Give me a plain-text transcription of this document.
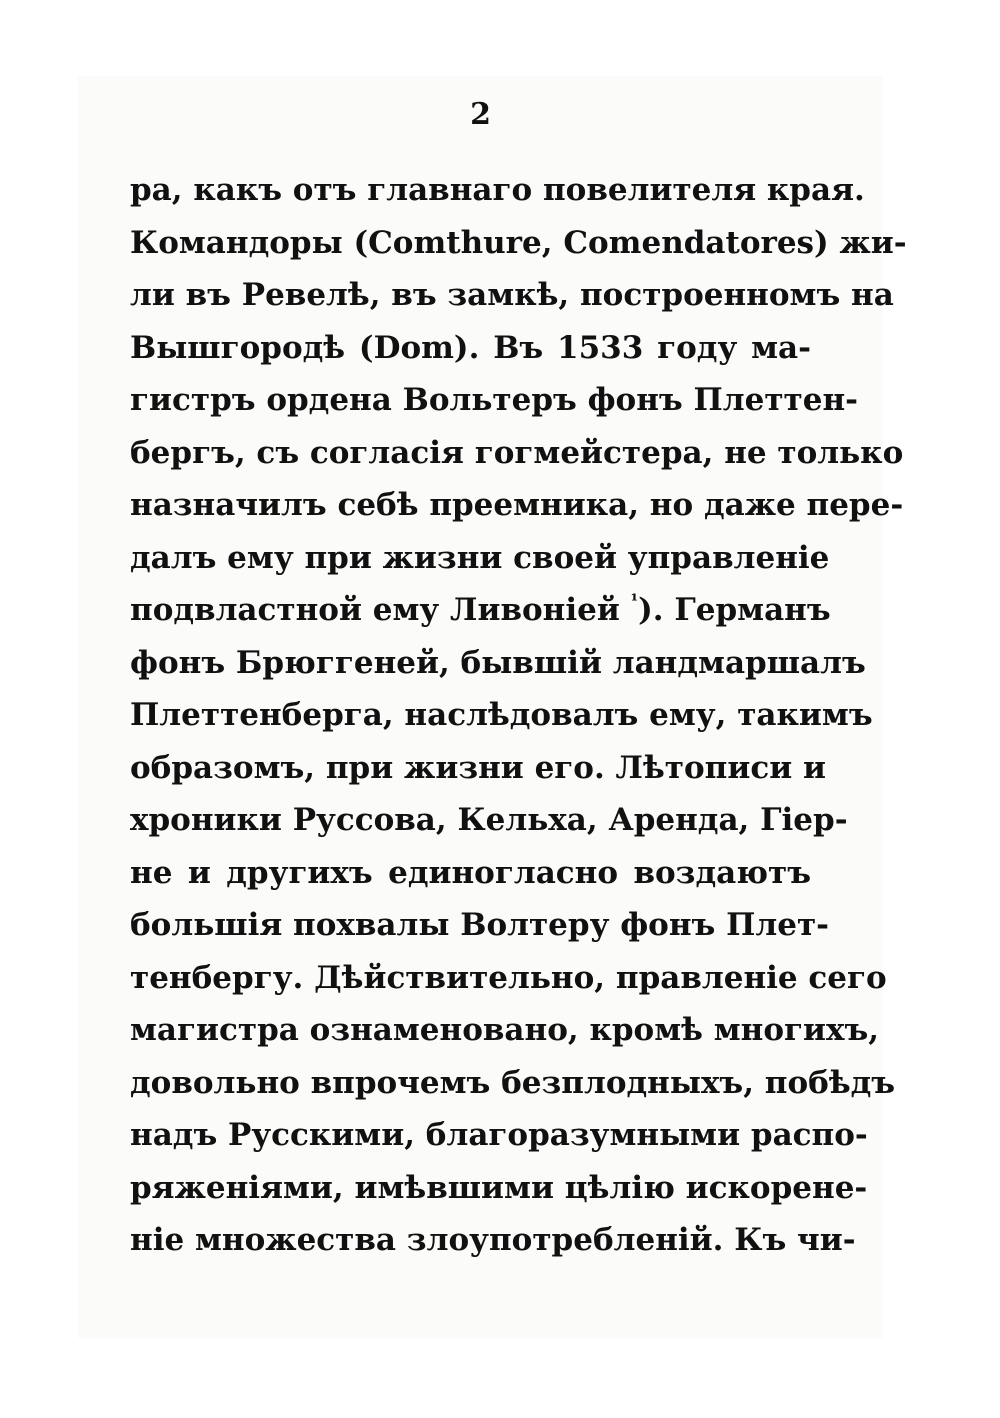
2
ра, какъ отъ главнаго повелителя края.
Командоры (Comthure, Comendatores) жи-
ли въ Ревелѣ, въ замкѣ, построенномъ на
Вышгородѣ (Dom). Въ 1533 году ма-
гистръ ордена Вольтеръ фонъ Плеттен-
бергъ, съ согласія гогмейстера, не только
назначилъ себѣ преемника, но даже пере-
далъ ему при жизни своей управленіе
подвластной ему Ливоніей $^{^1}$). Германъ
фонъ Брюггеней, бывшій ландмаршалъ
Плеттенберга, наслѣдовалъ ему, такимъ
образомъ, при жизни его. Лѣтописи и
хроники Руссова, Кельха, Аренда, Гіер-
не и другихъ единогласно воздаютъ
большія похвалы Волтеру фонъ Плет-
тенбергу. Дѣйствительно, правленіе сего
магистра ознаменовано, кромѣ многихъ,
довольно впрочемъ безплодныхъ, побѣдъ
надъ Русскими, благоразумными распо-
ряженіями, имѣвшими цѣлію искорене-
ніе множества злоупотребленій. Къ чи-
